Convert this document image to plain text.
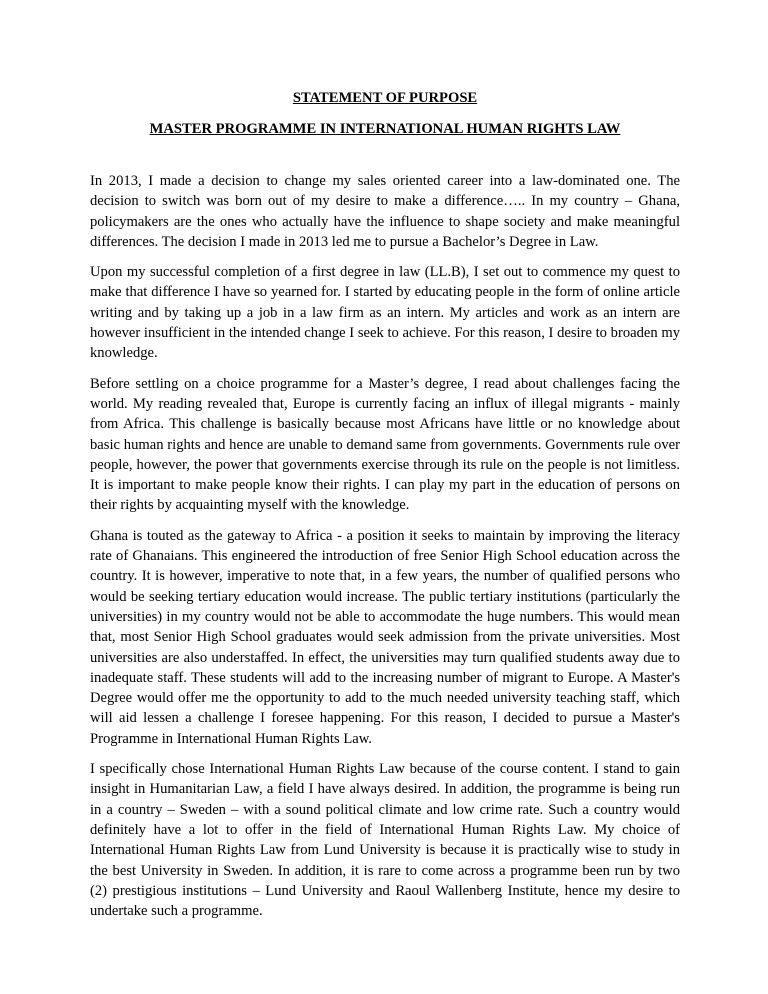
STATEMENT OF PURPOSE
MASTER PROGRAMME IN INTERNATIONAL HUMAN RIGHTS LAW

In 2013, I made a decision to change my sales oriented career into a law-dominated one. The decision to switch was born out of my desire to make a difference….. In my country – Ghana, policymakers are the ones who actually have the influence to shape society and make meaningful differences. The decision I made in 2013 led me to pursue a Bachelor’s Degree in Law.

Upon my successful completion of a first degree in law (LL.B), I set out to commence my quest to make that difference I have so yearned for. I started by educating people in the form of online article writing and by taking up a job in a law firm as an intern. My articles and work as an intern are however insufficient in the intended change I seek to achieve. For this reason, I desire to broaden my knowledge.

Before settling on a choice programme for a Master’s degree, I read about challenges facing the world. My reading revealed that, Europe is currently facing an influx of illegal migrants - mainly from Africa. This challenge is basically because most Africans have little or no knowledge about basic human rights and hence are unable to demand same from governments. Governments rule over people, however, the power that governments exercise through its rule on the people is not limitless. It is important to make people know their rights. I can play my part in the education of persons on their rights by acquainting myself with the knowledge.

Ghana is touted as the gateway to Africa - a position it seeks to maintain by improving the literacy rate of Ghanaians. This engineered the introduction of free Senior High School education across the country. It is however, imperative to note that, in a few years, the number of qualified persons who would be seeking tertiary education would increase. The public tertiary institutions (particularly the universities) in my country would not be able to accommodate the huge numbers. This would mean that, most Senior High School graduates would seek admission from the private universities. Most universities are also understaffed. In effect, the universities may turn qualified students away due to inadequate staff. These students will add to the increasing number of migrant to Europe. A Master's Degree would offer me the opportunity to add to the much needed university teaching staff, which will aid lessen a challenge I foresee happening. For this reason, I decided to pursue a Master's Programme in International Human Rights Law.

I specifically chose International Human Rights Law because of the course content. I stand to gain insight in Humanitarian Law, a field I have always desired. In addition, the programme is being run in a country – Sweden – with a sound political climate and low crime rate. Such a country would definitely have a lot to offer in the field of International Human Rights Law. My choice of International Human Rights Law from Lund University is because it is practically wise to study in the best University in Sweden. In addition, it is rare to come across a programme been run by two (2) prestigious institutions – Lund University and Raoul Wallenberg Institute, hence my desire to undertake such a programme.
